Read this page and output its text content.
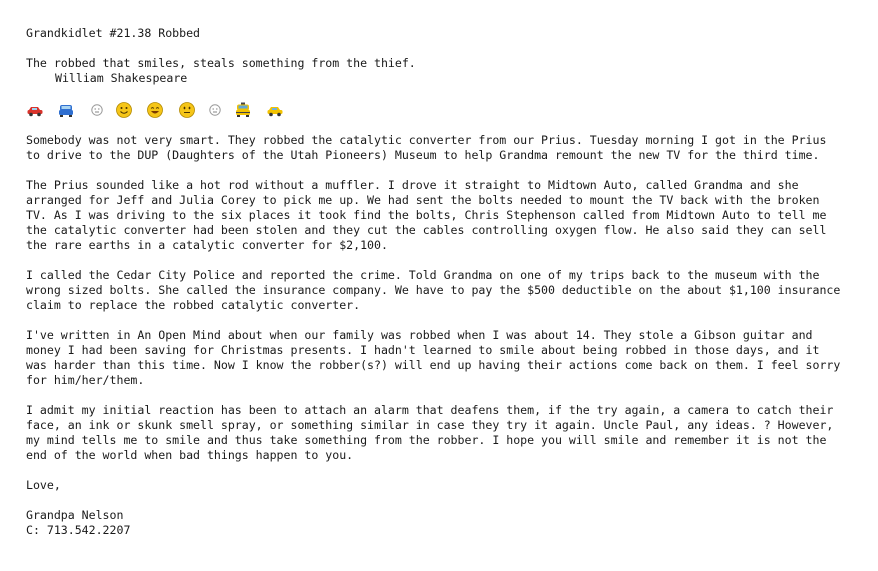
Grandkidlet #21.38 Robbed
The robbed that smiles, steals something from the thief.
William Shakespeare
Somebody was not very smart. They robbed the catalytic converter from our Prius. Tuesday morning I got in the Prius
to drive to the DUP (Daughters of the Utah Pioneers) Museum to help Grandma remount the new TV for the third time.
The Prius sounded like a hot rod without a muffler. I drove it straight to Midtown Auto, called Grandma and she
arranged for Jeff and Julia Corey to pick me up. We had sent the bolts needed to mount the TV back with the broken
TV. As I was driving to the six places it took find the bolts, Chris Stephenson called from Midtown Auto to tell me
the catalytic converter had been stolen and they cut the cables controlling oxygen flow. He also said they can sell
the rare earths in a catalytic converter for $2,100.
I called the Cedar City Police and reported the crime. Told Grandma on one of my trips back to the museum with the
wrong sized bolts. She called the insurance company. We have to pay the $500 deductible on the about $1,100 insurance
claim to replace the robbed catalytic converter.
I've written in An Open Mind about when our family was robbed when I was about 14. They stole a Gibson guitar and
money I had been saving for Christmas presents. I hadn't learned to smile about being robbed in those days, and it
was harder than this time. Now I know the robber(s?) will end up having their actions come back on them. I feel sorry
for him/her/them.
I admit my initial reaction has been to attach an alarm that deafens them, if the try again, a camera to catch their
face, an ink or skunk smell spray, or something similar in case they try it again. Uncle Paul, any ideas. ? However,
my mind tells me to smile and thus take something from the robber. I hope you will smile and remember it is not the
end of the world when bad things happen to you.
Love,
Grandpa Nelson
C: 713.542.2207
